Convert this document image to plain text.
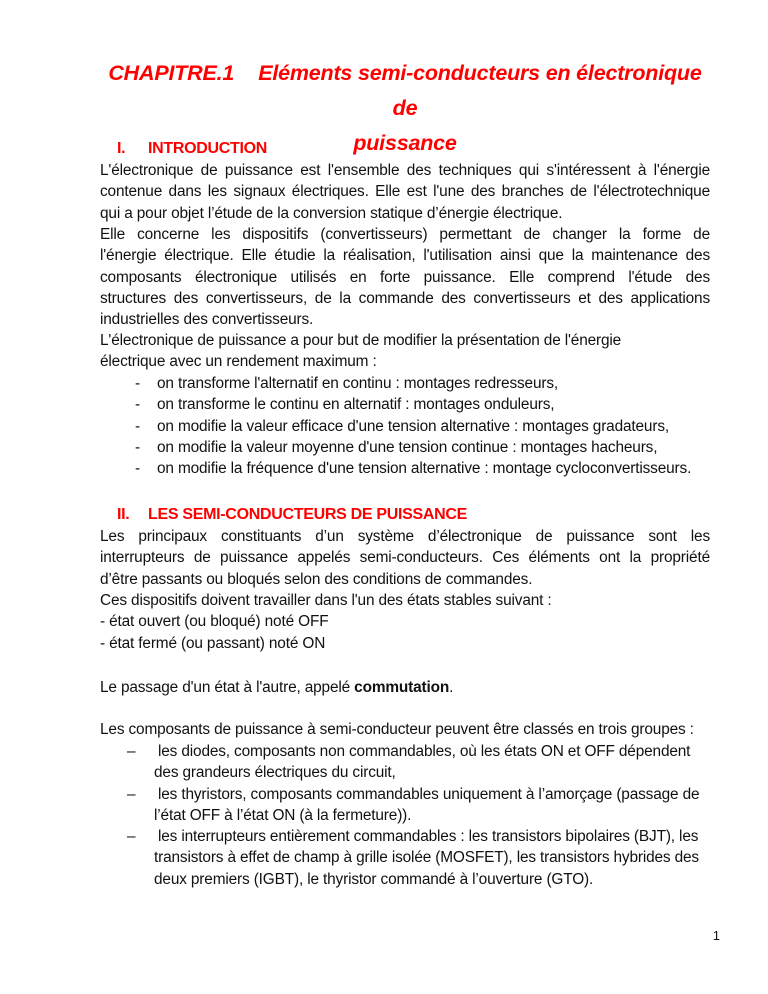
CHAPITRE.1 Eléments semi-conducteurs en électronique de
puissance
I. INTRODUCTION
L'électronique de puissance est l'ensemble des techniques qui s'intéressent à l'énergie
contenue dans les signaux électriques. Elle est l'une des branches de l'électrotechnique
qui a pour objet l’étude de la conversion statique d’énergie électrique.
Elle concerne les dispositifs (convertisseurs) permettant de changer la forme de
l'énergie électrique. Elle étudie la réalisation, l'utilisation ainsi que la maintenance des
composants électronique utilisés en forte puissance. Elle comprend l'étude des
structures des convertisseurs, de la commande des convertisseurs et des applications
industrielles des convertisseurs.
L'électronique de puissance a pour but de modifier la présentation de l'énergie
électrique avec un rendement maximum :
- on transforme l'alternatif en continu : montages redresseurs,
- on transforme le continu en alternatif : montages onduleurs,
- on modifie la valeur efficace d'une tension alternative : montages gradateurs,
- on modifie la valeur moyenne d'une tension continue : montages hacheurs,
- on modifie la fréquence d'une tension alternative : montage cycloconvertisseurs.
II. LES SEMI-CONDUCTEURS DE PUISSANCE
Les principaux constituants d’un système d’électronique de puissance sont les
interrupteurs de puissance appelés semi-conducteurs. Ces éléments ont la propriété
d’être passants ou bloqués selon des conditions de commandes.
Ces dispositifs doivent travailler dans l'un des états stables suivant :
- état ouvert (ou bloqué) noté OFF
- état fermé (ou passant) noté ON
Le passage d'un état à l'autre, appelé commutation.
Les composants de puissance à semi-conducteur peuvent être classés en trois groupes :
– les diodes, composants non commandables, où les états ON et OFF dépendent
des grandeurs électriques du circuit,
– les thyristors, composants commandables uniquement à l’amorçage (passage de
l’état OFF à l’état ON (à la fermeture)).
– les interrupteurs entièrement commandables : les transistors bipolaires (BJT), les
transistors à effet de champ à grille isolée (MOSFET), les transistors hybrides des
deux premiers (IGBT), le thyristor commandé à l’ouverture (GTO).
1
